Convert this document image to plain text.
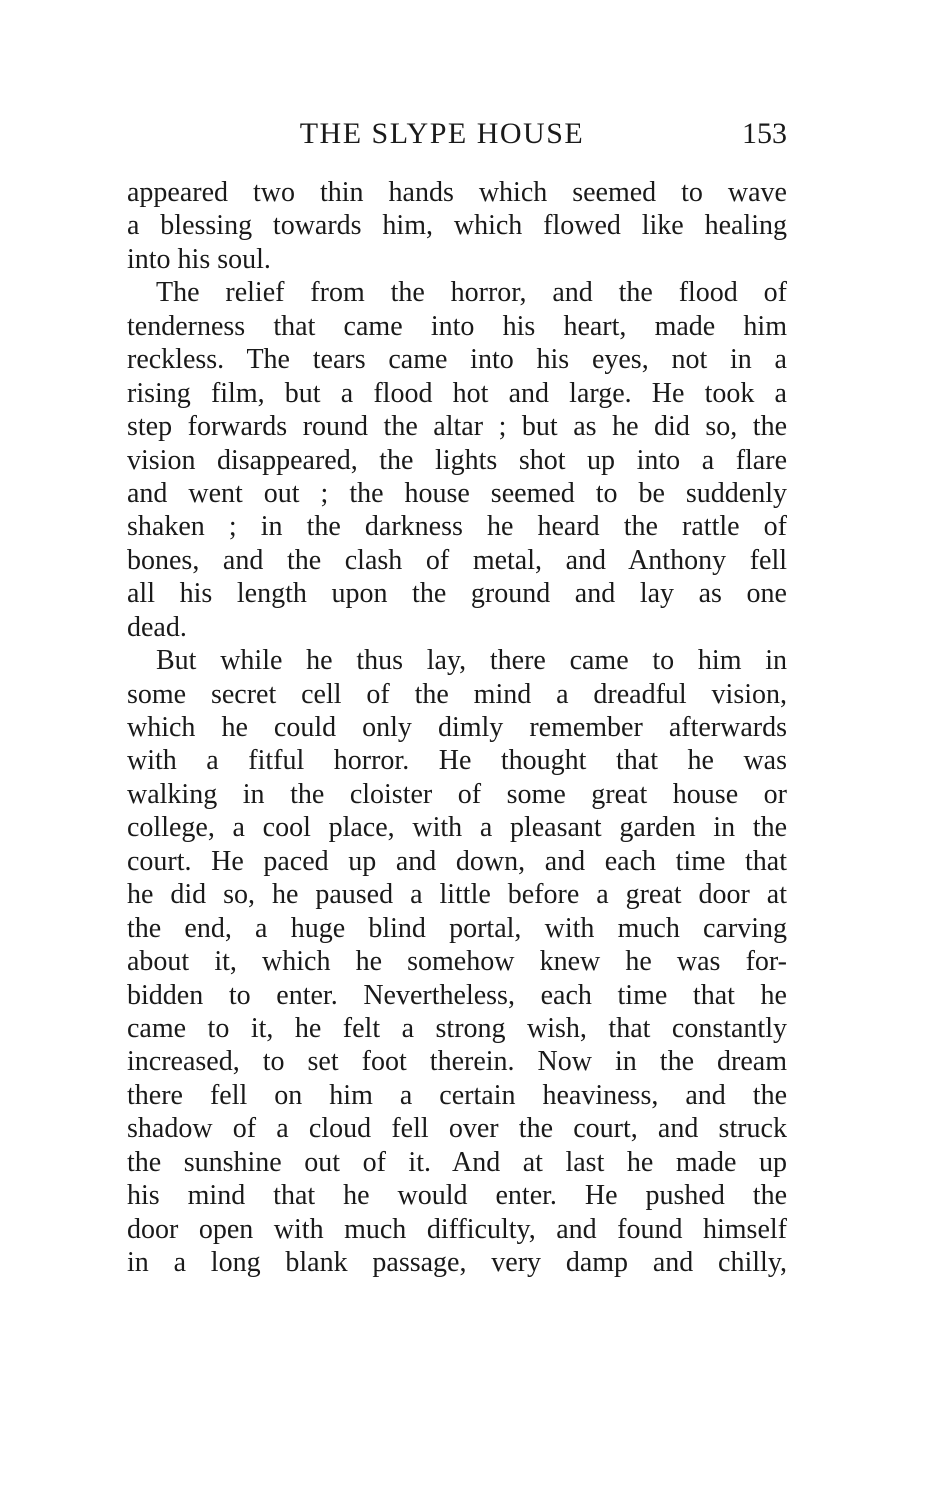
THE SLYPE HOUSE	153
appeared two thin hands which seemed to wave
a blessing towards him, which flowed like healing
into his soul.
The relief from the horror, and the flood of
tenderness that came into his heart, made him
reckless. The tears came into his eyes, not in a
rising film, but a flood hot and large. He took a
step forwards round the altar ; but as he did so, the
vision disappeared, the lights shot up into a flare
and went out ; the house seemed to be suddenly
shaken ; in the darkness he heard the rattle of
bones, and the clash of metal, and Anthony fell
all his length upon the ground and lay as one
dead.
But while he thus lay, there came to him in
some secret cell of the mind a dreadful vision,
which he could only dimly remember afterwards
with a fitful horror. He thought that he was
walking in the cloister of some great house or
college, a cool place, with a pleasant garden in the
court. He paced up and down, and each time that
he did so, he paused a little before a great door at
the end, a huge blind portal, with much carving
about it, which he somehow knew he was for-
bidden to enter. Nevertheless, each time that he
came to it, he felt a strong wish, that constantly
increased, to set foot therein. Now in the dream
there fell on him a certain heaviness, and the
shadow of a cloud fell over the court, and struck
the sunshine out of it. And at last he made up
his mind that he would enter. He pushed the
door open with much difficulty, and found himself
in a long blank passage, very damp and chilly,
